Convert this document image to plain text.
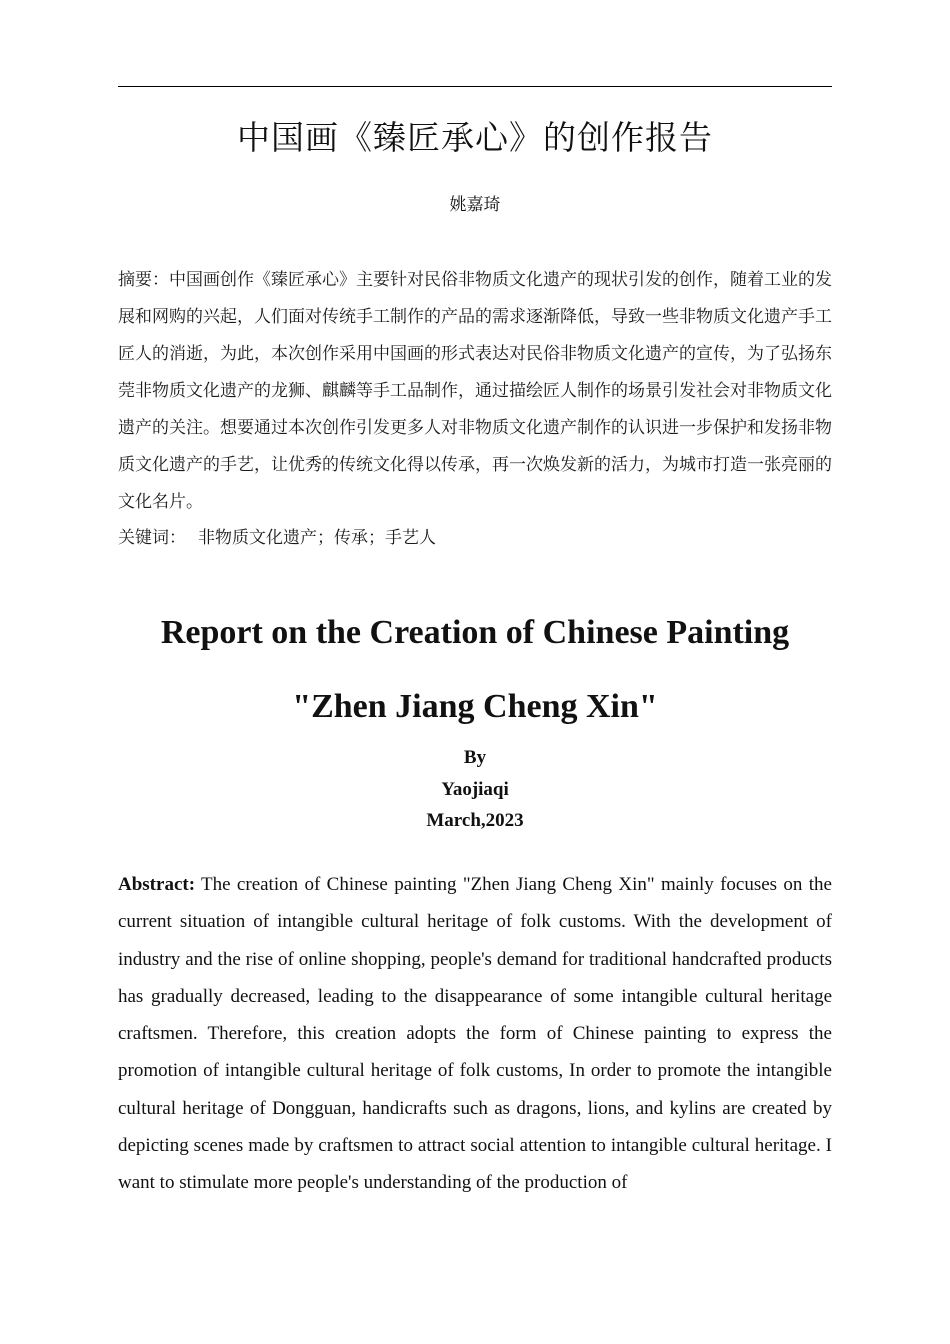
中国画《臻匠承心》的创作报告
姚嘉琦
摘要：中国画创作《臻匠承心》主要针对民俗非物质文化遗产的现状引发的创作，随着工业的发展和网购的兴起，人们面对传统手工制作的产品的需求逐渐降低，导致一些非物质文化遗产手工匠人的消逝，为此，本次创作采用中国画的形式表达对民俗非物质文化遗产的宣传，为了弘扬东莞非物质文化遗产的龙狮、麒麟等手工品制作，通过描绘匠人制作的场景引发社会对非物质文化遗产的关注。想要通过本次创作引发更多人对非物质文化遗产制作的认识进一步保护和发扬非物质文化遗产的手艺，让优秀的传统文化得以传承，再一次焕发新的活力，为城市打造一张亮丽的文化名片。
关键词： 非物质文化遗产；传承；手艺人
Report on the Creation of Chinese Painting
"Zhen Jiang Cheng Xin"
By
Yaojiaqi
March,2023
Abstract: The creation of Chinese painting "Zhen Jiang Cheng Xin" mainly focuses on the current situation of intangible cultural heritage of folk customs. With the development of industry and the rise of online shopping, people's demand for traditional handcrafted products has gradually decreased, leading to the disappearance of some intangible cultural heritage craftsmen. Therefore, this creation adopts the form of Chinese painting to express the promotion of intangible cultural heritage of folk customs, In order to promote the intangible cultural heritage of Dongguan, handicrafts such as dragons, lions, and kylins are created by depicting scenes made by craftsmen to attract social attention to intangible cultural heritage. I want to stimulate more people's understanding of the production of
